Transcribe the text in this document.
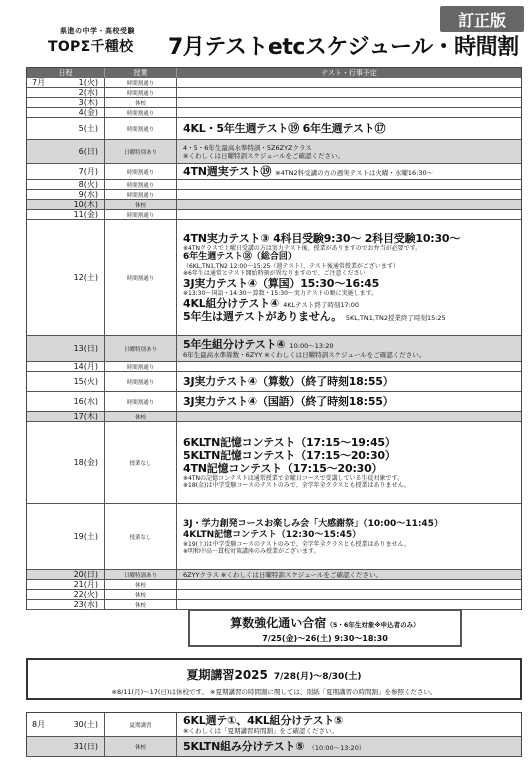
県進の中学・高校受験
TOPΣ千種校 7月テストetcスケジュール・時間割
訂正版
日程	授業	テスト・行事予定
7月	1(火)	時間割通り
2(水)	時間割通り
3(木)	休校
4(金)	時間割通り
5(土)	時間割通り	4KL・5年生週テスト⑲ 6年生週テスト⑰
6(日)	日曜特別あり
4・5・6年生最高水準特訓・5Z6ZYZクラス
※くわしくは日曜特訓スケジュールをご確認ください。
7(月)	時間割通り	4TN週実テスト⑲ ※4TN2科受講の方の週実テストは火曜・水曜16:30～
8(火)	時間割通り
9(水)	時間割通り
10(木)	休校
11(金)	時間割通り
12(土)	時間割通り
4TN実力テスト③ 4科目受験9:30～ 2科目受験10:30～
※4TNクラスで土曜日受講の方は実力テスト後、授業がありますのでお弁当が必要です。
6年生週テスト⑱（総合回）
（6KL,TN1,TN2 12:00～15:25（週テスト）、テスト後通常授業がございます）
※6年生は通常とテスト開始時刻が異なりますので、ご注意ください
3J実力テスト④（算国）15:30～16:45
※13:30～国語・14:30～算数・15:30～実力テストの順に実施します。
4KL組分けテスト④ 4KLテスト終了時刻17:00
5年生は週テストがありません。 5KL,TN1,TN2授業終了時刻15:25
13(日)	日曜特別あり	5年生組分けテスト④ 10:00～13:20
6年生最高水準算数・6ZYY ※くわしくは日曜特訓スケジュールをご確認ください。
14(月)	時間割通り
15(火)	時間割通り	3J実力テスト④（算数）（終了時刻18:55）
16(水)	時間割通り	3J実力テスト④（国語）（終了時刻18:55）
17(木)	休校
18(金)	授業なし
6KLTN記憶コンテスト（17:15～19:45）
5KLTN記憶コンテスト（17:15～20:30）
4TN記憶コンテスト（17:15～20:30）
※4TNの記憶コンテストは通常授業で金曜日コースで受講している生徒対象です。
※18(金)は中学受験コースのテストのみで、全学年全クラスとも授業はありません。
19(土)	授業なし
3J・学力創発コースお楽しみ会「大感謝祭」（10:00～11:45）
4KLTN記憶コンテスト（12:30～15:45）
※19(土)は中学受験コースのテストのみで、全学年全クラスとも授業はありません。
※明和中高一貫校対策講座のみ授業がございます。
20(日)	日曜特訓あり	6ZYYクラス ※くわしくは日曜特訓スケジュールをご確認ください。
21(月)	休校
22(火)	休校
23(水)	休校
算数強化通い合宿（5・6年生対象※申込者のみ）
7/25(金)～26(土) 9:30～18:30
夏期講習2025 7/28(月)～8/30(土)
※8/11(月)～17(日)は休校です。 ※夏期講習の時間割に関しては、別紙「夏期講習の時間割」を参照ください。
8月	30(土)	夏期講習	6KL週テ①、4KL組分けテスト⑤
※くわしくは「夏期講習時間割」をご確認ください。
31(日)	休校	5KLTN組み分けテスト⑤ （10:00～13:20）
